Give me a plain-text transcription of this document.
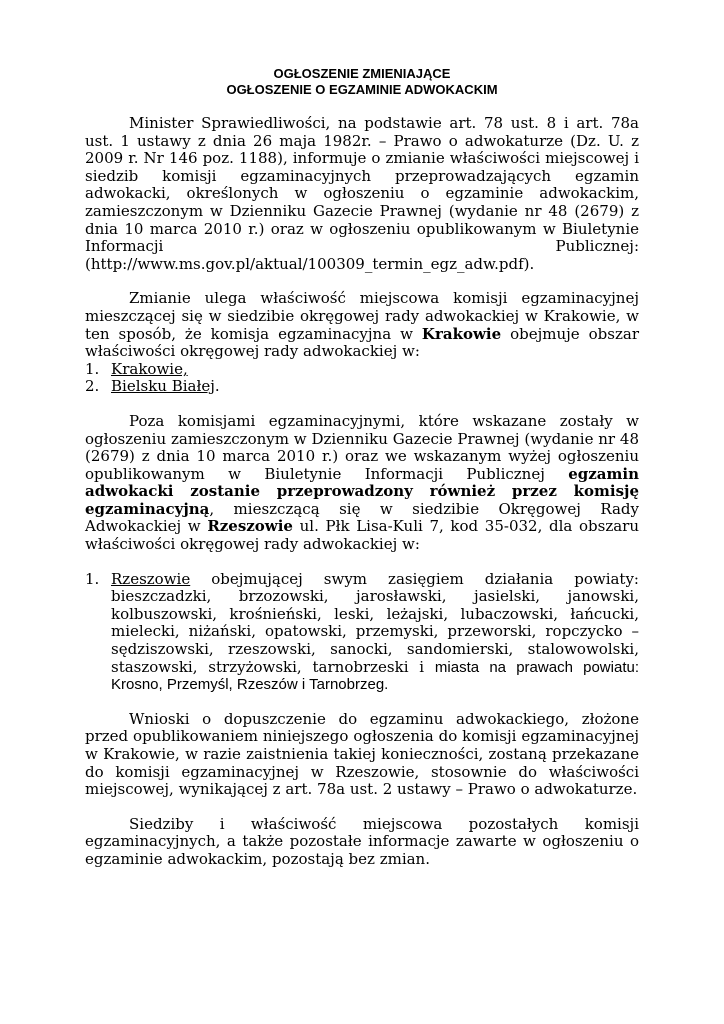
OGŁOSZENIE ZMIENIAJĄCE
OGŁOSZENIE O EGZAMINIE ADWOKACKIM

Minister Sprawiedliwości, na podstawie art. 78 ust. 8 i art. 78a ust. 1 ustawy z dnia 26 maja 1982r. – Prawo o adwokaturze (Dz. U. z 2009 r. Nr 146 poz. 1188), informuje o zmianie właściwości miejscowej i siedzib komisji egzaminacyjnych przeprowadzających egzamin adwokacki, określonych w ogłoszeniu o egzaminie adwokackim, zamieszczonym w Dzienniku Gazecie Prawnej (wydanie nr 48 (2679) z dnia 10 marca 2010 r.) oraz w ogłoszeniu opublikowanym w Biuletynie Informacji Publicznej: (http://www.ms.gov.pl/aktual/100309_termin_egz_adw.pdf).

Zmianie ulega właściwość miejscowa komisji egzaminacyjnej mieszczącej się w siedzibie okręgowej rady adwokackiej w Krakowie, w ten sposób, że komisja egzaminacyjna w Krakowie obejmuje obszar właściwości okręgowej rady adwokackiej w:

1. Krakowie,
2. Bielsku Białej.

Poza komisjami egzaminacyjnymi, które wskazane zostały w ogłoszeniu zamieszczonym w Dzienniku Gazecie Prawnej (wydanie nr 48 (2679) z dnia 10 marca 2010 r.) oraz we wskazanym wyżej ogłoszeniu opublikowanym w Biuletynie Informacji Publicznej egzamin adwokacki zostanie przeprowadzony również przez komisję egzaminacyjną, mieszczącą się w siedzibie Okręgowej Rady Adwokackiej w Rzeszowie ul. Płk Lisa-Kuli 7, kod 35-032, dla obszaru właściwości okręgowej rady adwokackiej w:

1. Rzeszowie obejmującej swym zasięgiem działania powiaty: bieszczadzki, brzozowski, jarosławski, jasielski, janowski, kolbuszowski, krośnieński, leski, leżajski, lubaczowski, łańcucki, mielecki, niżański, opatowski, przemyski, przeworski, ropczycko – sędziszowski, rzeszowski, sanocki, sandomierski, stalowowolski, staszowski, strzyżowski, tarnobrzeski i miasta na prawach powiatu: Krosno, Przemyśl, Rzeszów i Tarnobrzeg.

Wnioski o dopuszczenie do egzaminu adwokackiego, złożone przed opublikowaniem niniejszego ogłoszenia do komisji egzaminacyjnej w Krakowie, w razie zaistnienia takiej konieczności, zostaną przekazane do komisji egzaminacyjnej w Rzeszowie, stosownie do właściwości miejscowej, wynikającej z art. 78a ust. 2 ustawy – Prawo o adwokaturze.

Siedziby i właściwość miejscowa pozostałych komisji egzaminacyjnych, a także pozostałe informacje zawarte w ogłoszeniu o egzaminie adwokackim, pozostają bez zmian.
